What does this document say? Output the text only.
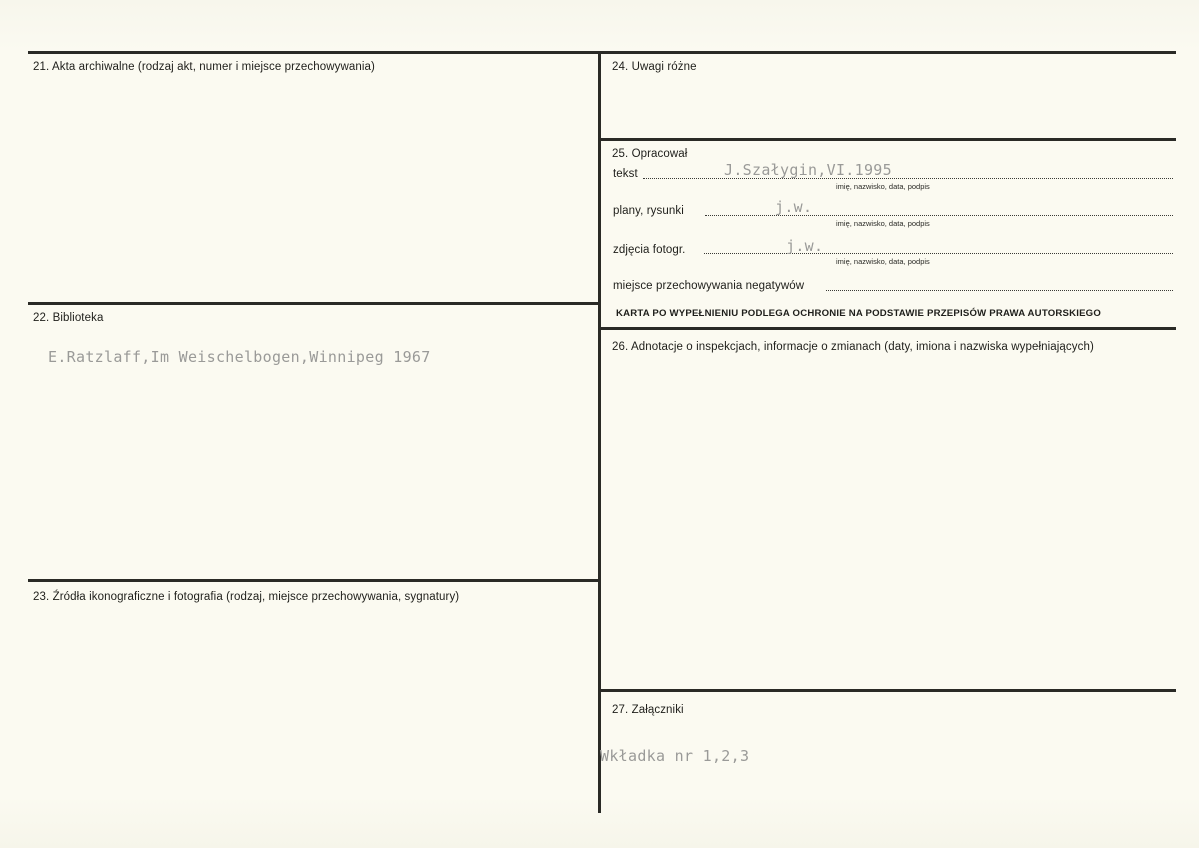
21. Akta archiwalne (rodzaj akt, numer i miejsce przechowywania)
22. Biblioteka
E.Ratzlaff,Im Weischelbogen,Winnipeg 1967
23. Źródła ikonograficzne i fotografia (rodzaj, miejsce przechowywania, sygnatury)
24. Uwagi różne
25. Opracował
tekst	J.Szałygin,VI.1995
imię, nazwisko, data, podpis
plany, rysunki	j.w.
imię, nazwisko, data, podpis
zdjęcia fotogr.	j.w.
imię, nazwisko, data, podpis
miejsce przechowywania negatywów
KARTA PO WYPEŁNIENIU PODLEGA OCHRONIE NA PODSTAWIE PRZEPISÓW PRAWA AUTORSKIEGO
26. Adnotacje o inspekcjach, informacje o zmianach (daty, imiona i nazwiska wypełniających)
27. Załączniki
Wkładka nr 1,2,3
